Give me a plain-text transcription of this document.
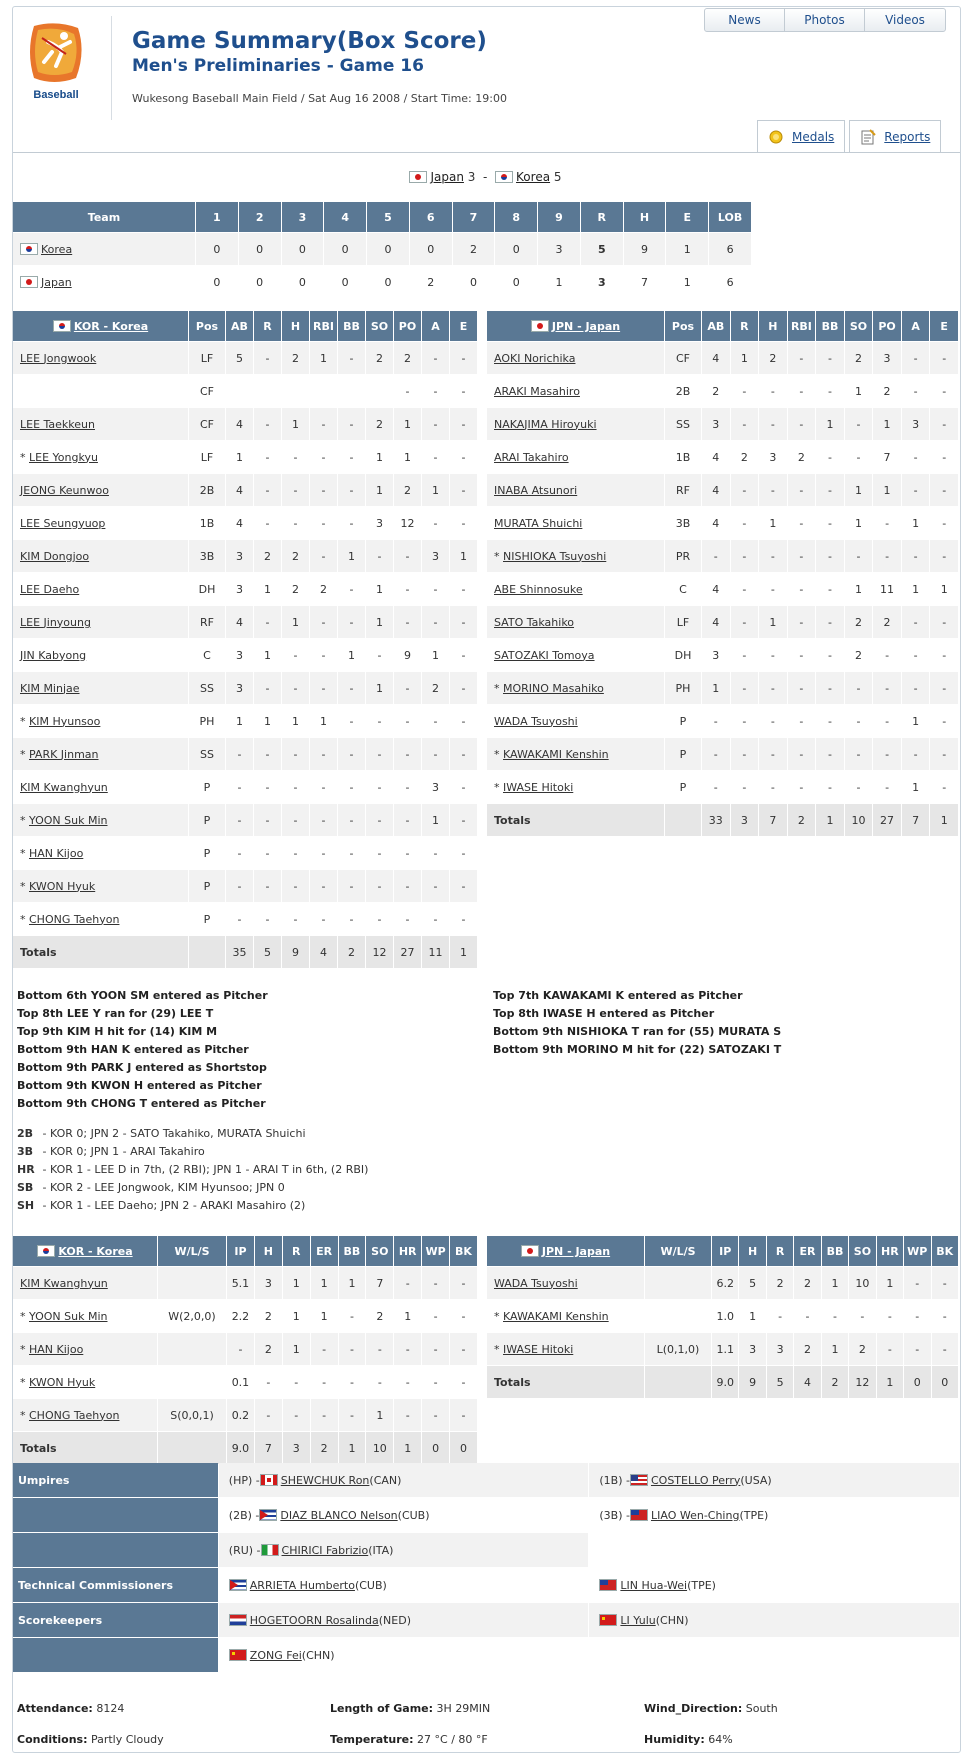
Baseball
Game Summary(Box Score)
Men's Preliminaries - Game 16
Wukesong Baseball Main Field / Sat Aug 16 2008 / Start Time: 19:00
News	Photos	Videos
Medals	Reports
Japan 3 - Korea 5
Team	1	2	3	4	5	6	7	8	9	R	H	E	LOB
Korea	0	0	0	0	0	0	2	0	3	5	9	1	6
Japan	0	0	0	0	0	2	0	0	1	3	7	1	6
KOR - Korea	Pos	AB	R	H	RBI	BB	SO	PO	A	E
LEE Jongwook	LF	5	-	2	1	-	2	2	-	-
	CF							-	-	-
LEE Taekkeun	CF	4	-	1	-	-	2	1	-	-
* LEE Yongkyu	LF	1	-	-	-	-	1	1	-	-
JEONG Keunwoo	2B	4	-	-	-	-	1	2	1	-
LEE Seungyuop	1B	4	-	-	-	-	3	12	-	-
KIM Dongjoo	3B	3	2	2	-	1	-	-	3	1
LEE Daeho	DH	3	1	2	2	-	1	-	-	-
LEE Jinyoung	RF	4	-	1	-	-	1	-	-	-
JIN Kabyong	C	3	1	-	-	1	-	9	1	-
KIM Minjae	SS	3	-	-	-	-	1	-	2	-
* KIM Hyunsoo	PH	1	1	1	1	-	-	-	-	-
* PARK Jinman	SS	-	-	-	-	-	-	-	-	-
KIM Kwanghyun	P	-	-	-	-	-	-	-	3	-
* YOON Suk Min	P	-	-	-	-	-	-	-	1	-
* HAN Kijoo	P	-	-	-	-	-	-	-	-	-
* KWON Hyuk	P	-	-	-	-	-	-	-	-	-
* CHONG Taehyon	P	-	-	-	-	-	-	-	-	-
Totals		35	5	9	4	2	12	27	11	1
JPN - Japan	Pos	AB	R	H	RBI	BB	SO	PO	A	E
AOKI Norichika	CF	4	1	2	-	-	2	3	-	-
ARAKI Masahiro	2B	2	-	-	-	-	1	2	-	-
NAKAJIMA Hiroyuki	SS	3	-	-	-	1	-	1	3	-
ARAI Takahiro	1B	4	2	3	2	-	-	7	-	-
INABA Atsunori	RF	4	-	-	-	-	1	1	-	-
MURATA Shuichi	3B	4	-	1	-	-	1	-	1	-
* NISHIOKA Tsuyoshi	PR	-	-	-	-	-	-	-	-	-
ABE Shinnosuke	C	4	-	-	-	-	1	11	1	1
SATO Takahiko	LF	4	-	1	-	-	2	2	-	-
SATOZAKI Tomoya	DH	3	-	-	-	-	2	-	-	-
* MORINO Masahiko	PH	1	-	-	-	-	-	-	-	-
WADA Tsuyoshi	P	-	-	-	-	-	-	-	1	-
* KAWAKAMI Kenshin	P	-	-	-	-	-	-	-	-	-
* IWASE Hitoki	P	-	-	-	-	-	-	-	1	-
Totals		33	3	7	2	1	10	27	7	1
Bottom 6th YOON SM entered as Pitcher
Top 8th LEE Y ran for (29) LEE T
Top 9th KIM H hit for (14) KIM M
Bottom 9th HAN K entered as Pitcher
Bottom 9th PARK J entered as Shortstop
Bottom 9th KWON H entered as Pitcher
Bottom 9th CHONG T entered as Pitcher
Top 7th KAWAKAMI K entered as Pitcher
Top 8th IWASE H entered as Pitcher
Bottom 9th NISHIOKA T ran for (55) MURATA S
Bottom 9th MORINO M hit for (22) SATOZAKI T
2B - KOR 0; JPN 2 - SATO Takahiko, MURATA Shuichi
3B - KOR 0; JPN 1 - ARAI Takahiro
HR - KOR 1 - LEE D in 7th, (2 RBI); JPN 1 - ARAI T in 6th, (2 RBI)
SB - KOR 2 - LEE Jongwook, KIM Hyunsoo; JPN 0
SH - KOR 1 - LEE Daeho; JPN 2 - ARAKI Masahiro (2)
KOR - Korea	W/L/S	IP	H	R	ER	BB	SO	HR	WP	BK
KIM Kwanghyun		5.1	3	1	1	1	7	-	-	-
* YOON Suk Min	W(2,0,0)	2.2	2	1	1	-	2	1	-	-
* HAN Kijoo		-	2	1	-	-	-	-	-	-
* KWON Hyuk		0.1	-	-	-	-	-	-	-	-
* CHONG Taehyon	S(0,0,1)	0.2	-	-	-	-	1	-	-	-
Totals		9.0	7	3	2	1	10	1	0	0
JPN - Japan	W/L/S	IP	H	R	ER	BB	SO	HR	WP	BK
WADA Tsuyoshi		6.2	5	2	2	1	10	1	-	-
* KAWAKAMI Kenshin		1.0	1	-	-	-	-	-	-	-
* IWASE Hitoki	L(0,1,0)	1.1	3	3	2	1	2	-	-	-
Totals		9.0	9	5	4	2	12	1	0	0
Umpires	(HP) - SHEWCHUK Ron (CAN)	(1B) - COSTELLO Perry (USA)
(2B) - DIAZ BLANCO Nelson (CUB)	(3B) - LIAO Wen-Ching (TPE)
(RU) - CHIRICI Fabrizio (ITA)
Technical Commissioners	ARRIETA Humberto (CUB)	LIN Hua-Wei (TPE)
Scorekeepers	HOGETOORN Rosalinda (NED)	LI Yulu (CHN)
ZONG Fei (CHN)
Attendance: 8124	Length of Game: 3H 29MIN	Wind_Direction: South
Conditions: Partly Cloudy	Temperature: 27 °C / 80 °F	Humidity: 64%
